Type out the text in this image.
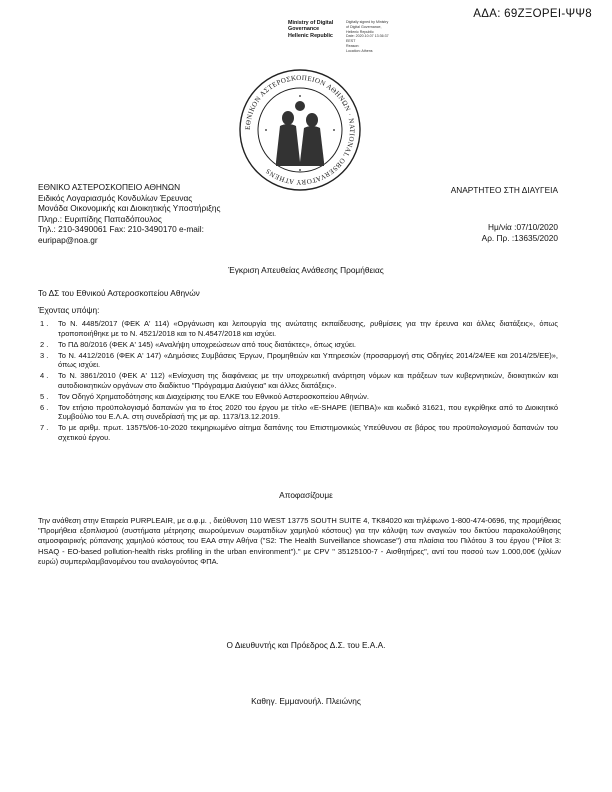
ΑΔΑ: 69ΖΞΟΡΕΙ-ΨΨ8
Ministry of Digital
Governance
Hellenic Republic
Digitally signed by Ministry
of Digital Governance,
Hellenic Republic
Date: 2020.10.07 13:36:37
EEST
Reason:
Location: Athens
ΕΘΝΙΚΟΝ ΑΣΤΕΡΟΣΚΟΠΕΙΟΝ ΑΘΗΝΩΝ · NATIONAL OBSERVATORY ATHENS
ΕΘΝΙΚΟ ΑΣΤΕΡΟΣΚΟΠΕΙΟ ΑΘΗΝΩΝ
Ειδικός Λογαριασμός Κονδυλίων Έρευνας
Μονάδα Οικονομικής και Διοικητικής Υποστήριξης
Πληρ.: Ευριπίδης Παπαδόπουλος
Τηλ.: 210-3490061 Fax: 210-3490170 e-mail:
euripap@noa.gr
ΑΝΑΡΤΗΤΕΟ ΣΤΗ ΔΙΑΥΓΕΙΑ
Ημ/νία :07/10/2020
Αρ. Πρ. :13635/2020
Έγκριση Απευθείας Ανάθεσης Προμήθειας
Το ΔΣ του Εθνικού Αστεροσκοπείου Αθηνών
Έχοντας υπόψη:
1 . Το Ν. 4485/2017 (ΦΕΚ Α' 114) «Οργάνωση και λειτουργία της ανώτατης εκπαίδευσης, ρυθμίσεις για την έρευνα και άλλες διατάξεις», όπως τροποποιήθηκε με το Ν. 4521/2018 και το Ν.4547/2018 και ισχύει.
2 . Το ΠΔ 80/2016 (ΦΕΚ Α' 145) «Αναλήψη υποχρεώσεων από τους διατάκτες», όπως ισχύει.
3 . Το Ν. 4412/2016 (ΦΕΚ Α' 147) «Δημόσιες Συμβάσεις Έργων, Προμηθειών και Υπηρεσιών (προσαρμογή στις Οδηγίες 2014/24/ΕΕ και 2014/25/ΕΕ)», όπως ισχύει.
4 . Το Ν. 3861/2010 (ΦΕΚ Α' 112) «Ενίσχυση της διαφάνειας με την υποχρεωτική ανάρτηση νόμων και πράξεων των κυβερνητικών, διοικητικών και αυτοδιοικητικών οργάνων στο διαδίκτυο "Πρόγραμμα Διαύγεια" και άλλες διατάξεις».
5 . Τον Οδηγό Χρηματοδότησης και Διαχείρισης του ΕΛΚΕ του Εθνικού Αστεροσκοπείου Αθηνών.
6 . Τον ετήσιο προϋπολογισμό δαπανών για το έτος 2020 του έργου με τίτλο «E-SHAPE (ΙΕΠΒΑ)» και κωδικό 31621, που εγκρίθηκε από το Διοικητικό Συμβούλιο του Ε.Λ.Α. στη συνεδρίασή της με αρ. 1173/13.12.2019.
7 . Το με αριθμ. πρωτ. 13575/06-10-2020 τεκμηριωμένο αίτημα δαπάνης του Επιστημονικώς Υπεύθυνου σε βάρος του προϋπολογισμού δαπανών του σχετικού έργου.
Αποφασίζουμε

Την ανάθεση στην Εταιρεία PURPLEAIR, με α.φ.μ. , διεύθυνση 110 WEST 13775 SOUTH SUITE 4, TK84020 και τηλέφωνο 1-800-474-0696, της προμήθειας "Προμήθεια εξοπλισμού (συστήματα μέτρησης αιωρούμενων σωματιδίων χαμηλού κόστους) για την κάλυψη των αναγκών του δικτύου παρακολούθησης ατμοσφαιρικής ρύπανσης χαμηλού κόστους του ΕΑΑ στην Αθήνα ("S2: The Health Surveillance showcase") στα πλαίσια του Πιλότου 3 του έργου ("Pilot 3: HSAQ - EO-based pollution-health risks profiling in the urban environment")." με CPV " 35125100-7 - Αισθητήρες", αντί του ποσού των 1.000,00€ (χιλίων ευρώ) συμπεριλαμβανομένου του αναλογούντος ΦΠΑ.

Ο Διευθυντής και Πρόεδρος Δ.Σ. του Ε.Α.Α.
Καθηγ. Εμμανουήλ. Πλειώνης
